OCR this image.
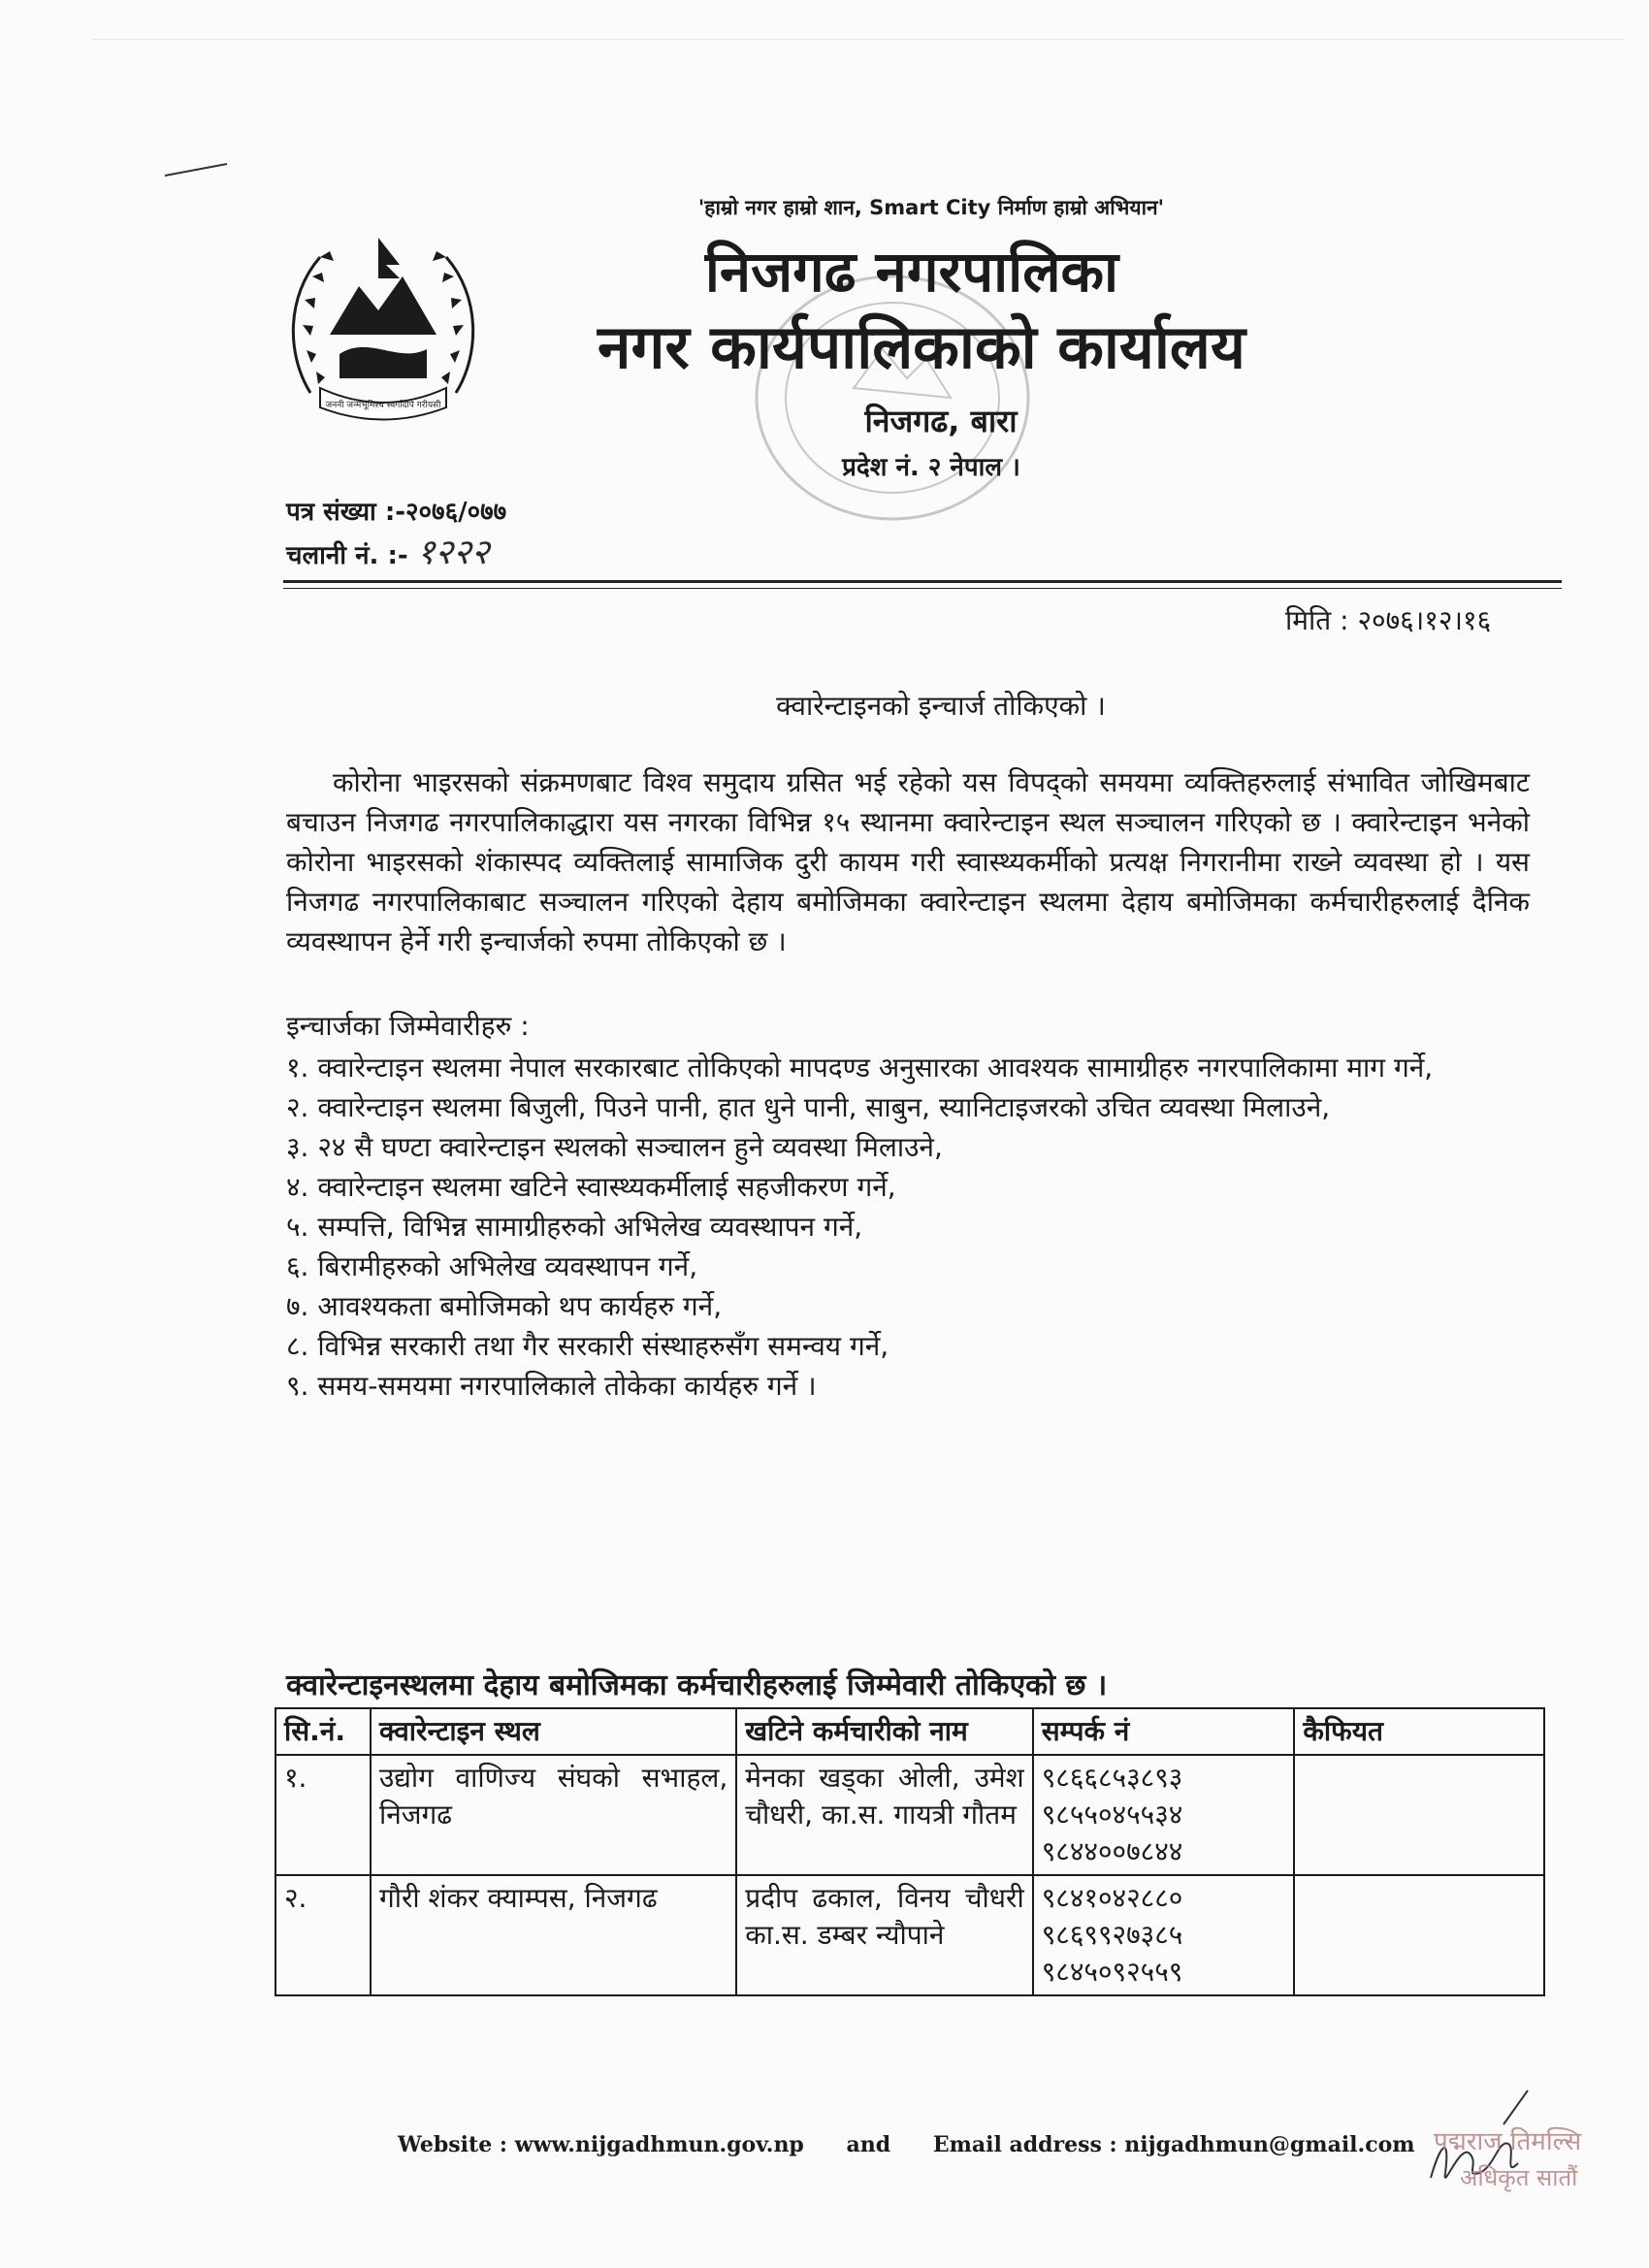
'हाम्रो नगर हाम्रो शान, Smart City निर्माण हाम्रो अभियान'
जननी जन्मभूमिश्च स्वर्गादपि गरीयसी
निजगढ नगरपालिका
नगर कार्यपालिकाको कार्यालय
निजगढ, बारा
प्रदेश नं. २ नेपाल ।
पत्र संख्या :-२०७६/०७७
चलानी नं. :- १२२२
मिति : २०७६।१२।१६
क्वारेन्टाइनको इन्चार्ज तोकिएको ।

कोरोना भाइरसको संक्रमणबाट विश्व समुदाय ग्रसित भई रहेको यस विपद्को समयमा व्यक्तिहरुलाई संभावित जोखिमबाट बचाउन निजगढ नगरपालिकाद्धारा यस नगरका विभिन्न १५ स्थानमा क्वारेन्टाइन स्थल सञ्चालन गरिएको छ । क्वारेन्टाइन भनेको कोरोना भाइरसको शंकास्पद व्यक्तिलाई सामाजिक दुरी कायम गरी स्वास्थ्यकर्मीको प्रत्यक्ष निगरानीमा राख्ने व्यवस्था हो । यस निजगढ नगरपालिकाबाट सञ्चालन गरिएको देहाय बमोजिमका क्वारेन्टाइन स्थलमा देहाय बमोजिमका कर्मचारीहरुलाई दैनिक व्यवस्थापन हेर्ने गरी इन्चार्जको रुपमा तोकिएको छ ।

इन्चार्जका जिम्मेवारीहरु :
१. क्वारेन्टाइन स्थलमा नेपाल सरकारबाट तोकिएको मापदण्ड अनुसारका आवश्यक सामाग्रीहरु नगरपालिकामा माग गर्ने,
२. क्वारेन्टाइन स्थलमा बिजुली, पिउने पानी, हात धुने पानी, साबुन, स्यानिटाइजरको उचित व्यवस्था मिलाउने,
३. २४ सै घण्टा क्वारेन्टाइन स्थलको सञ्चालन हुने व्यवस्था मिलाउने,
४. क्वारेन्टाइन स्थलमा खटिने स्वास्थ्यकर्मीलाई सहजीकरण गर्ने,
५. सम्पत्ति, विभिन्न सामाग्रीहरुको अभिलेख व्यवस्थापन गर्ने,
६. बिरामीहरुको अभिलेख व्यवस्थापन गर्ने,
७. आवश्यकता बमोजिमको थप कार्यहरु गर्ने,
८. विभिन्न सरकारी तथा गैर सरकारी संस्थाहरुसँग समन्वय गर्ने,
९. समय-समयमा नगरपालिकाले तोकेका कार्यहरु गर्ने ।
क्वारेन्टाइनस्थलमा देहाय बमोजिमका कर्मचारीहरुलाई जिम्मेवारी तोकिएको छ ।
सि.नं.	क्वारेन्टाइन स्थल	खटिने कर्मचारीको नाम	सम्पर्क नं	कैफियत
१.	उद्योग वाणिज्य संघको सभाहल, निजगढ	मेनका खड्का ओली, उमेश चौधरी, का.स. गायत्री गौतम	९८६६८५३८९३
९८५५०४५५३४
९८४४००७८४४	

२.	गौरी शंकर क्याम्पस, निजगढ	प्रदीप ढकाल, विनय चौधरी का.स. डम्बर न्यौपाने	९८४१०४२८८०
९८६९९२७३८५
९८४५०९२५५९	

Website : www.nijgadhmun.gov.np and Email address : nijgadhmun@gmail.com पद्मराज तिमल्सि
अधिकृत सातौं
